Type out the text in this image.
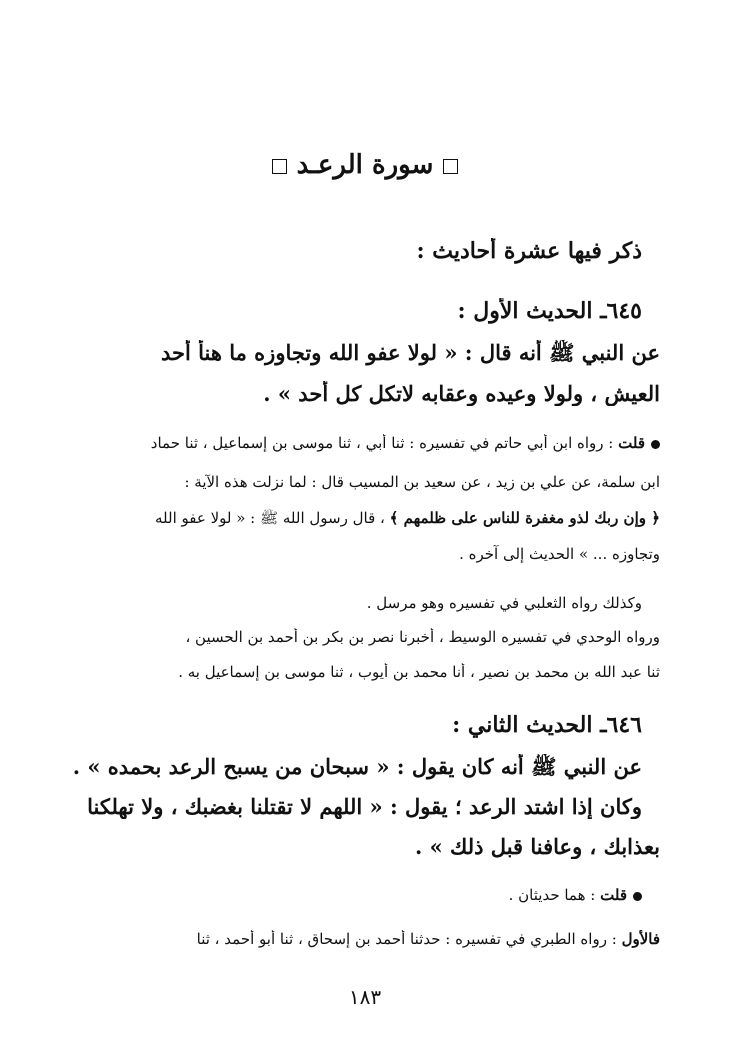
سورة الرعـد
ذكر فيها عشرة أحاديث :
٦٤٥ـ الحديث الأول :
عن النبي ﷺ أنه قال : « لولا عفو الله وتجاوزه ما هنأ أحد
العيش ، ولولا وعيده وعقابه لاتكل كل أحد » .
قلت : رواه ابن أبي حاتم في تفسيره : ثنا أبي ، ثنا موسى بن إسماعيل ، ثنا حماد
ابن سلمة، عن علي بن زيد ، عن سعيد بن المسيب قال : لما نزلت هذه الآية :
﴿ وإن ربك لذو مغفرة للناس على ظلمهم ﴾ ، قال رسول الله ﷺ : « لولا عفو الله
وتجاوزه ... » الحديث إلى آخره .
وكذلك رواه الثعلبي في تفسيره وهو مرسل .
ورواه الوحدي في تفسيره الوسيط ، أخبرنا نصر بن بكر بن أحمد بن الحسين ،
ثنا عبد الله بن محمد بن نصير ، أنا محمد بن أيوب ، ثنا موسى بن إسماعيل به .
٦٤٦ـ الحديث الثاني :
عن النبي ﷺ أنه كان يقول : « سبحان من يسبح الرعد بحمده » .
وكان إذا اشتد الرعد ؛ يقول : « اللهم لا تقتلنا بغضبك ، ولا تهلكنا
بعذابك ، وعافنا قبل ذلك » .
قلت : هما حديثان .
فالأول : رواه الطبري في تفسيره : حدثنا أحمد بن إسحاق ، ثنا أبو أحمد ، ثنا
١٨٣
